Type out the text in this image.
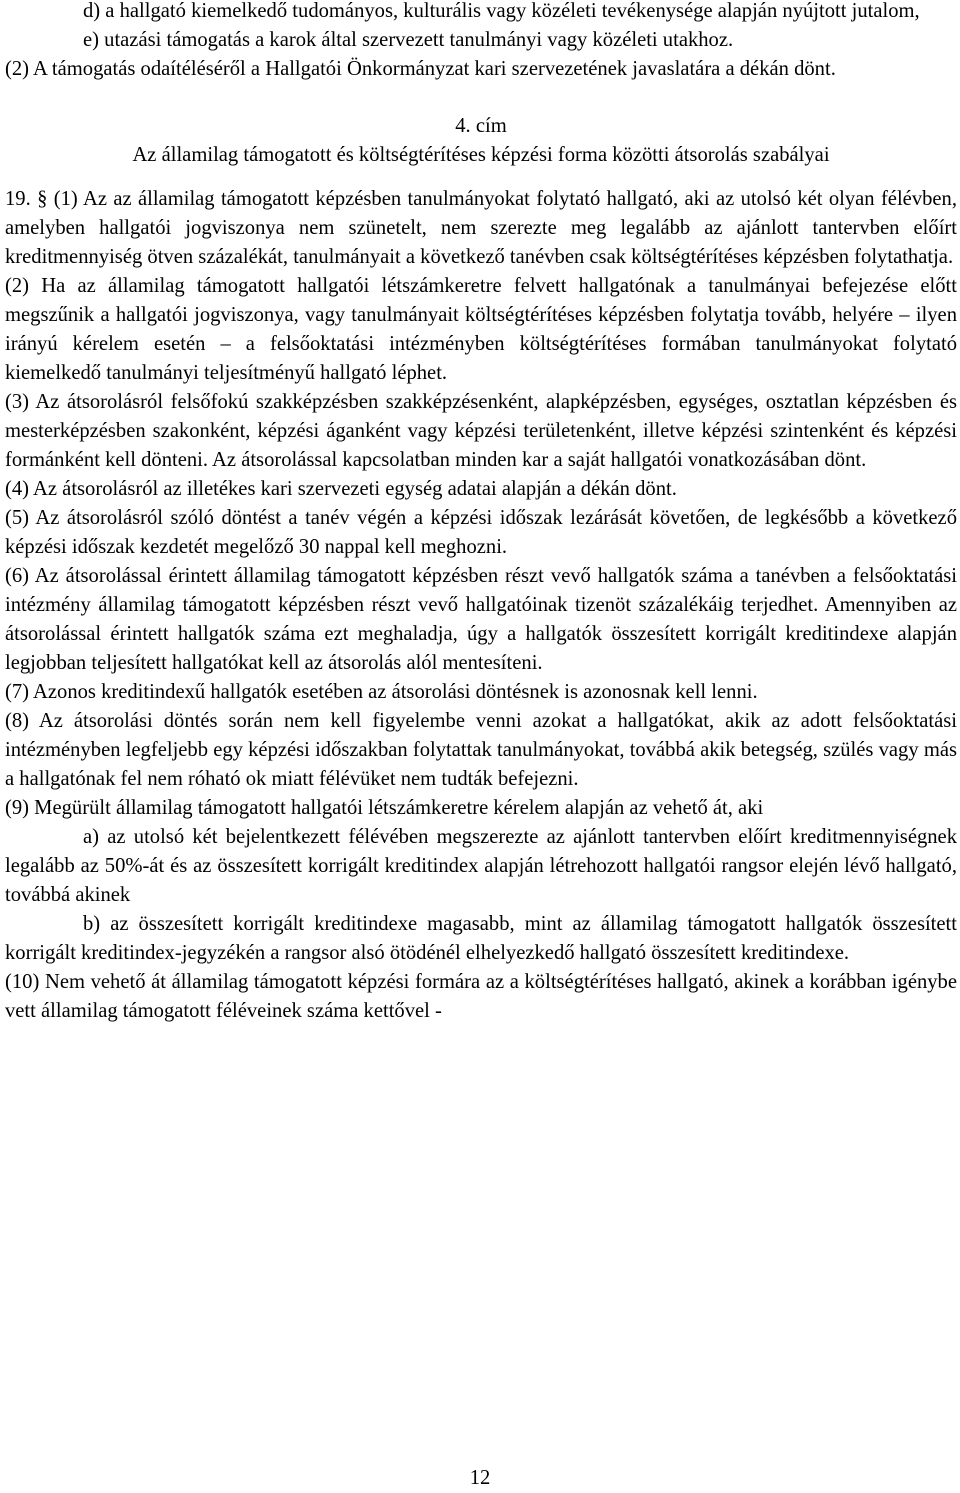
d) a hallgató kiemelkedő tudományos, kulturális vagy közéleti tevékenysége alapján nyújtott jutalom,

e) utazási támogatás a karok által szervezett tanulmányi vagy közéleti utakhoz.

(2) A támogatás odaítéléséről a Hallgatói Önkormányzat kari szervezetének javaslatára a dékán dönt.

4. cím

Az államilag támogatott és költségtérítéses képzési forma közötti átsorolás szabályai

19. § (1) Az az államilag támogatott képzésben tanulmányokat folytató hallgató, aki az utolsó két olyan félévben, amelyben hallgatói jogviszonya nem szünetelt, nem szerezte meg legalább az ajánlott tantervben előírt kreditmennyiség ötven százalékát, tanulmányait a következő tanévben csak költségtérítéses képzésben folytathatja.

(2) Ha az államilag támogatott hallgatói létszámkeretre felvett hallgatónak a tanulmányai befejezése előtt megszűnik a hallgatói jogviszonya, vagy tanulmányait költségtérítéses képzésben folytatja tovább, helyére – ilyen irányú kérelem esetén – a felsőoktatási intézményben költségtérítéses formában tanulmányokat folytató kiemelkedő tanulmányi teljesítményű hallgató léphet.

(3) Az átsorolásról felsőfokú szakképzésben szakképzésenként, alapképzésben, egységes, osztatlan képzésben és mesterképzésben szakonként, képzési áganként vagy képzési területenként, illetve képzési szintenként és képzési formánként kell dönteni. Az átsorolással kapcsolatban minden kar a saját hallgatói vonatkozásában dönt.

(4) Az átsorolásról az illetékes kari szervezeti egység adatai alapján a dékán dönt.

(5) Az átsorolásról szóló döntést a tanév végén a képzési időszak lezárását követően, de legkésőbb a következő képzési időszak kezdetét megelőző 30 nappal kell meghozni.

(6) Az átsorolással érintett államilag támogatott képzésben részt vevő hallgatók száma a tanévben a felsőoktatási intézmény államilag támogatott képzésben részt vevő hallgatóinak tizenöt százalékáig terjedhet. Amennyiben az átsorolással érintett hallgatók száma ezt meghaladja, úgy a hallgatók összesített korrigált kreditindexe alapján legjobban teljesített hallgatókat kell az átsorolás alól mentesíteni.

(7) Azonos kreditindexű hallgatók esetében az átsorolási döntésnek is azonosnak kell lenni.

(8) Az átsorolási döntés során nem kell figyelembe venni azokat a hallgatókat, akik az adott felsőoktatási intézményben legfeljebb egy képzési időszakban folytattak tanulmányokat, továbbá akik betegség, szülés vagy más a hallgatónak fel nem róható ok miatt félévüket nem tudták befejezni.

(9) Megürült államilag támogatott hallgatói létszámkeretre kérelem alapján az vehető át, aki

a) az utolsó két bejelentkezett félévében megszerezte az ajánlott tantervben előírt kreditmennyiségnek legalább az 50%-át és az összesített korrigált kreditindex alapján létrehozott hallgatói rangsor elején lévő hallgató, továbbá akinek

b) az összesített korrigált kreditindexe magasabb, mint az államilag támogatott hallgatók összesített korrigált kreditindex-jegyzékén a rangsor alsó ötödénél elhelyezkedő hallgató összesített kreditindexe.

(10) Nem vehető át államilag támogatott képzési formára az a költségtérítéses hallgató, akinek a korábban igénybe vett államilag támogatott féléveinek száma kettővel -

12
